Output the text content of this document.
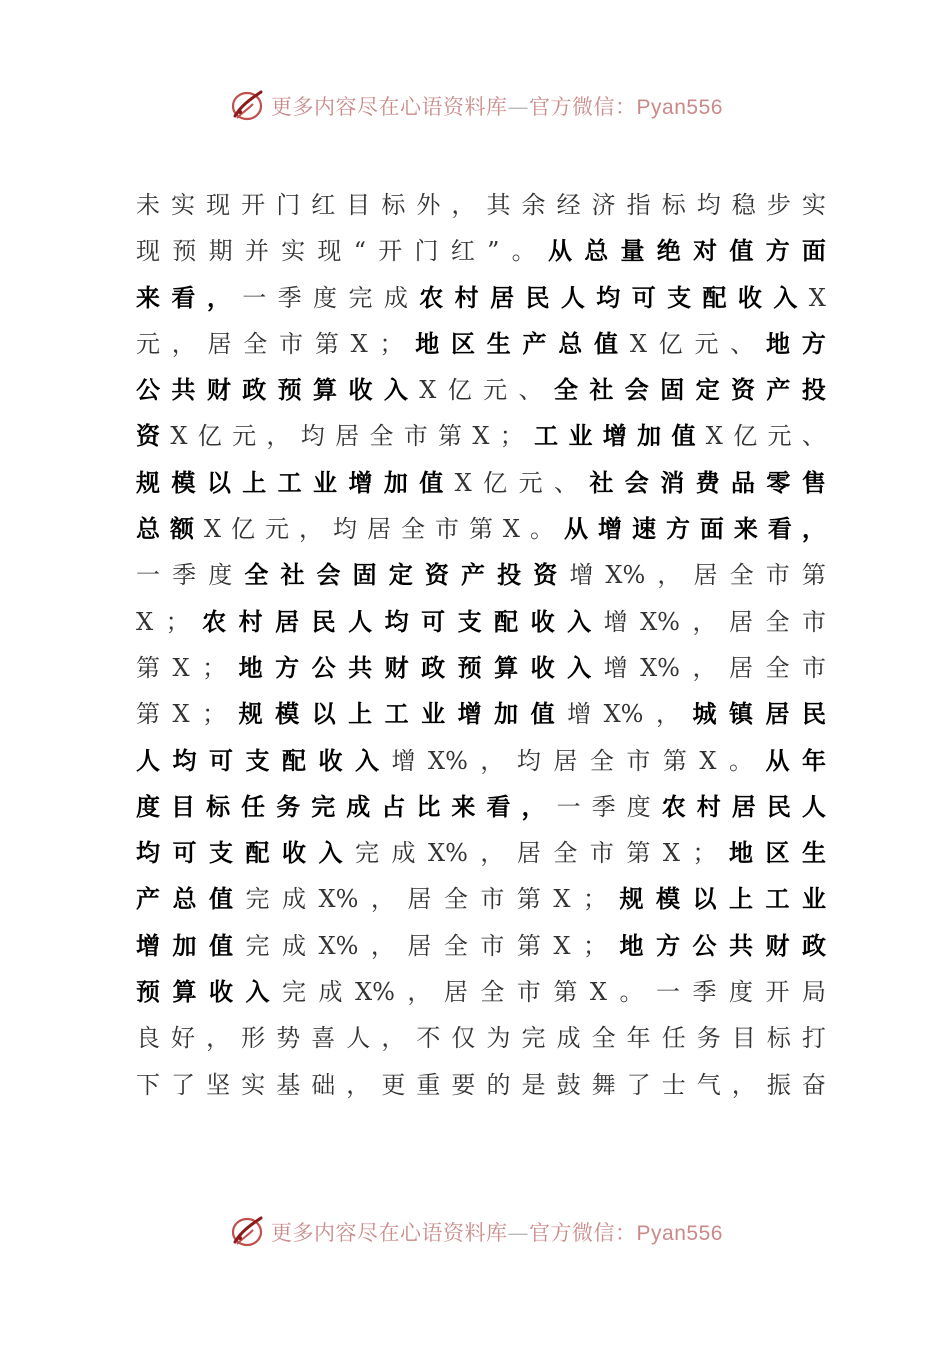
更多内容尽在心语资料库—官方微信：Pyan556
未 实 现 开 门 红 目 标 外 ， 其 余 经 济 指 标 均 稳 步 实
现 预 期 并 实 现 “ 开 门 红 ” 。 从 总 量 绝 对 值 方 面
来 看 ， 一 季 度 完 成 农 村 居 民 人 均 可 支 配 收 入 X
元 ， 居 全 市 第 X ； 地 区 生 产 总 值 X 亿 元 、 地 方
公 共 财 政 预 算 收 入 X 亿 元 、 全 社 会 固 定 资 产 投
资 X 亿 元 ， 均 居 全 市 第 X ； 工 业 增 加 值 X 亿 元 、
规 模 以 上 工 业 增 加 值 X 亿 元 、 社 会 消 费 品 零 售
总 额 X 亿 元 ， 均 居 全 市 第 X 。 从 增 速 方 面 来 看 ，
一 季 度 全 社 会 固 定 资 产 投 资 增 X% ， 居 全 市 第
X ； 农 村 居 民 人 均 可 支 配 收 入 增 X% ， 居 全 市
第 X ； 地 方 公 共 财 政 预 算 收 入 增 X% ， 居 全 市
第 X ； 规 模 以 上 工 业 增 加 值 增 X% ， 城 镇 居 民
人 均 可 支 配 收 入 增 X% ， 均 居 全 市 第 X 。 从 年
度 目 标 任 务 完 成 占 比 来 看 ， 一 季 度 农 村 居 民 人
均 可 支 配 收 入 完 成 X% ， 居 全 市 第 X ； 地 区 生
产 总 值 完 成 X% ， 居 全 市 第 X ； 规 模 以 上 工 业
增 加 值 完 成 X% ， 居 全 市 第 X ； 地 方 公 共 财 政
预 算 收 入 完 成 X% ， 居 全 市 第 X 。 一 季 度 开 局
良 好 ， 形 势 喜 人 ， 不 仅 为 完 成 全 年 任 务 目 标 打
下 了 坚 实 基 础 ， 更 重 要 的 是 鼓 舞 了 士 气 ， 振 奋
更多内容尽在心语资料库—官方微信：Pyan556
